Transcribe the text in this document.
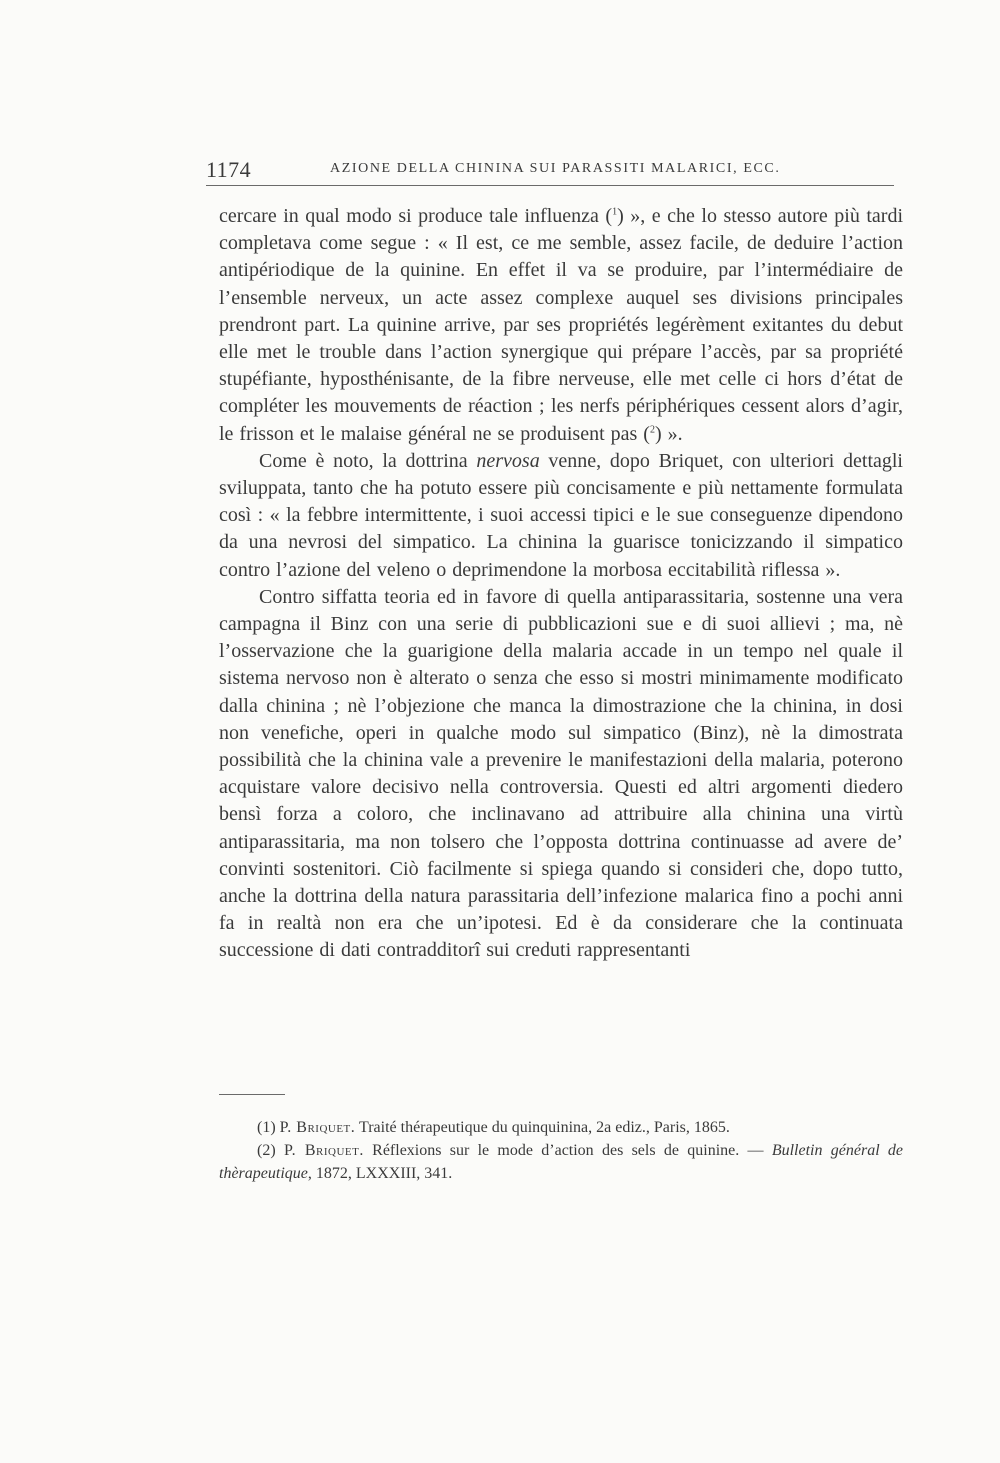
1174	AZIONE DELLA CHININA SUI PARASSITI MALARICI, ECC.

cercare in qual modo si produce tale influenza ($^1$) », e che lo stesso autore più tardi completava come segue : « Il est, ce me semble, assez facile, de deduire l’action antipériodique de la quinine. En effet il va se produire, par l’intermédiaire de l’ensemble nerveux, un acte assez complexe auquel ses divisions principales prendront part. La quinine arrive, par ses propriétés legérèment exitantes du debut elle met le trouble dans l’action synergique qui prépare l’accès, par sa propriété stupéfiante, hyposthénisante, de la fibre nerveuse, elle met celle ci hors d’état de compléter les mouvements de réaction ; les nerfs périphériques cessent alors d’agir, le frisson et le malaise général ne se produisent pas ($^2$) ».

Come è noto, la dottrina nervosa venne, dopo Briquet, con ulteriori dettagli sviluppata, tanto che ha potuto essere più concisamente e più nettamente formulata così : « la febbre intermittente, i suoi accessi tipici e le sue conseguenze dipendono da una nevrosi del simpatico. La chinina la guarisce tonicizzando il simpatico contro l’azione del veleno o deprimendone la morbosa eccitabilità riflessa ».

Contro siffatta teoria ed in favore di quella antiparassitaria, sostenne una vera campagna il Binz con una serie di pubblicazioni sue e di suoi allievi ; ma, nè l’osservazione che la guarigione della malaria accade in un tempo nel quale il sistema nervoso non è alterato o senza che esso si mostri minimamente modificato dalla chinina ; nè l’objezione che manca la dimostrazione che la chinina, in dosi non venefiche, operi in qualche modo sul simpatico (Binz), nè la dimostrata possibilità che la chinina vale a prevenire le manifestazioni della malaria, poterono acquistare valore decisivo nella controversia. Questi ed altri argomenti diedero bensì forza a coloro, che inclinavano ad attribuire alla chinina una virtù antiparassitaria, ma non tolsero che l’opposta dottrina continuasse ad avere de’ convinti sostenitori. Ciò facilmente si spiega quando si consideri che, dopo tutto, anche la dottrina della natura parassitaria dell’infezione malarica fino a pochi anni fa in realtà non era che un’ipotesi. Ed è da considerare che la continuata successione di dati contradditorî sui creduti rappresentanti

(1) P. Briquet. Traité thérapeutique du quinquinina, 2a ediz., Paris, 1865.

(2) P. Briquet. Réflexions sur le mode d’action des sels de quinine. — Bulletin général de thèrapeutique, 1872, LXXXIII, 341.
